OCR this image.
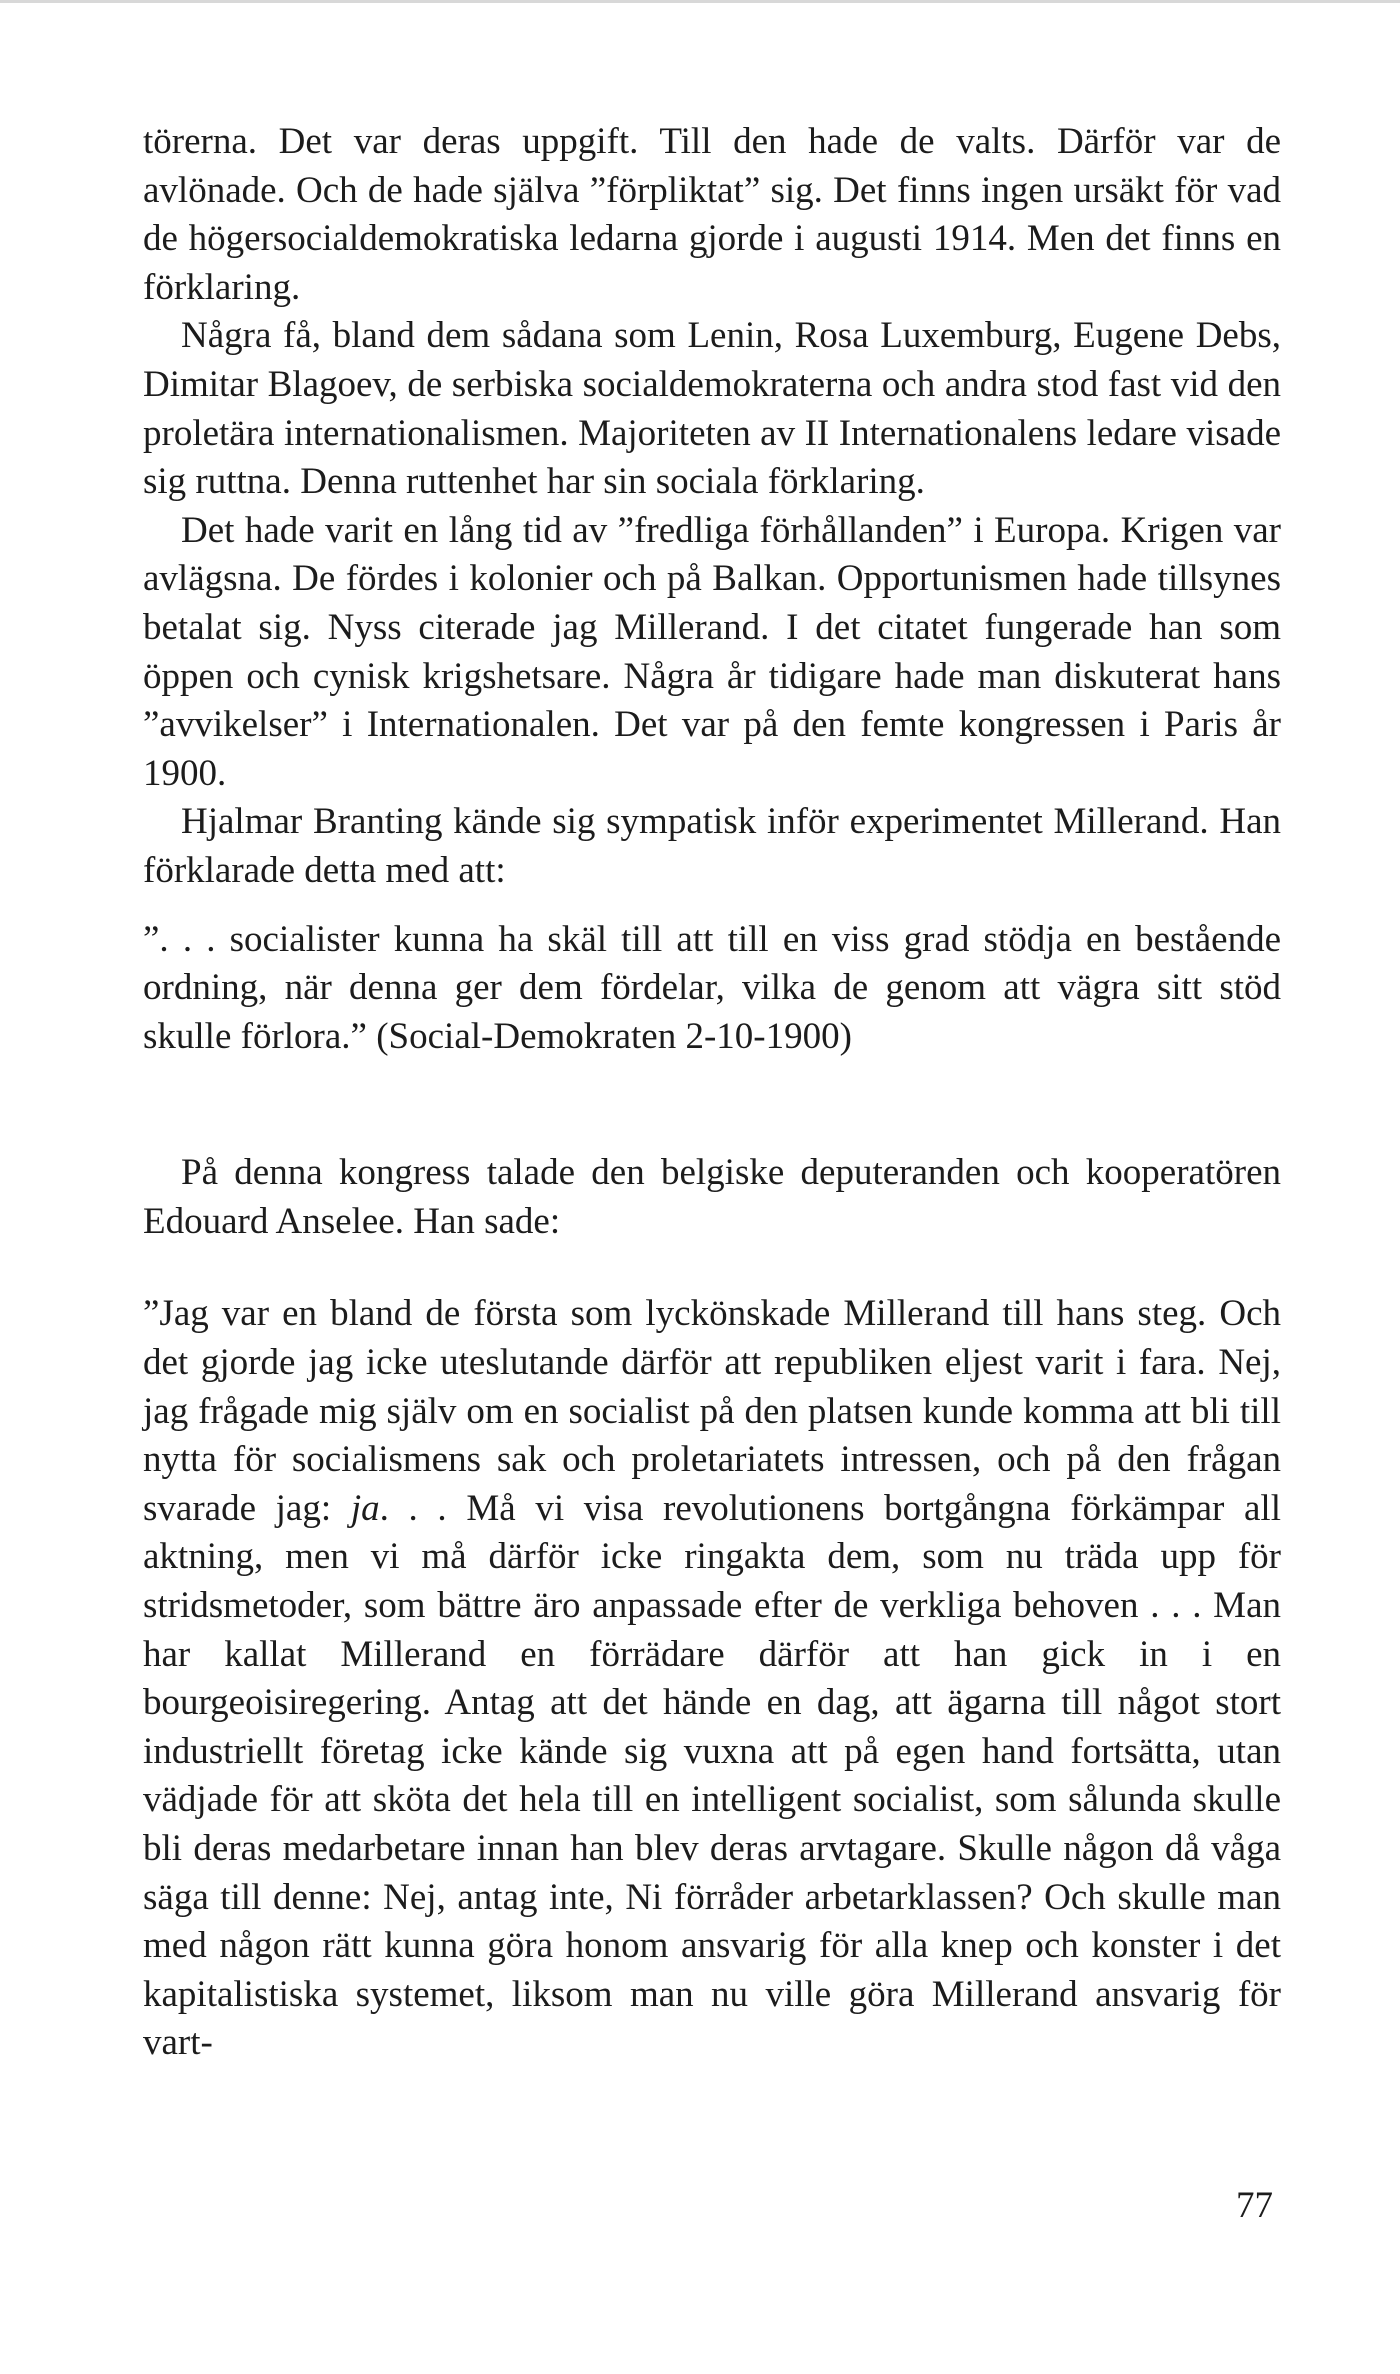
törerna. Det var deras uppgift. Till den hade de valts. Därför var de avlönade. Och de hade själva ”förpliktat” sig. Det finns ingen ursäkt för vad de högersocialdemokratiska ledarna gjorde i augusti 1914. Men det finns en förklaring.

Några få, bland dem sådana som Lenin, Rosa Luxemburg, Eugene Debs, Dimitar Blagoev, de serbiska socialdemokraterna och andra stod fast vid den proletära internationalismen. Majoriteten av II Internationalens ledare visade sig ruttna. Denna ruttenhet har sin sociala förklaring.

Det hade varit en lång tid av ”fredliga förhållanden” i Europa. Krigen var avlägsna. De fördes i kolonier och på Balkan. Opportunismen hade tillsynes betalat sig. Nyss citerade jag Millerand. I det citatet fungerade han som öppen och cynisk krigshetsare. Några år tidigare hade man diskuterat hans ”avvikelser” i Internationalen. Det var på den femte kongressen i Paris år 1900.

Hjalmar Branting kände sig sympatisk inför experimentet Millerand. Han förklarade detta med att:

”. . . socialister kunna ha skäl till att till en viss grad stödja en bestående ordning, när denna ger dem fördelar, vilka de genom att vägra sitt stöd skulle förlora.” (Social-Demokraten 2-10-1900)

På denna kongress talade den belgiske deputeranden och kooperatören Edouard Anselee. Han sade:

”Jag var en bland de första som lyckönskade Millerand till hans steg. Och det gjorde jag icke uteslutande därför att republiken eljest varit i fara. Nej, jag frågade mig själv om en socialist på den platsen kunde komma att bli till nytta för socialismens sak och proletariatets intressen, och på den frågan svarade jag: ja. . . Må vi visa revolutionens bortgångna förkämpar all aktning, men vi må därför icke ringakta dem, som nu träda upp för stridsmetoder, som bättre äro anpassade efter de verkliga behoven . . . Man har kallat Millerand en förrädare därför att han gick in i en bourgeoisiregering. Antag att det hände en dag, att ägarna till något stort industriellt företag icke kände sig vuxna att på egen hand fortsätta, utan vädjade för att sköta det hela till en intelligent socialist, som sålunda skulle bli deras medarbetare innan han blev deras arvtagare. Skulle någon då våga säga till denne: Nej, antag inte, Ni förråder arbetarklassen? Och skulle man med någon rätt kunna göra honom ansvarig för alla knep och konster i det kapitalistiska systemet, liksom man nu ville göra Millerand ansvarig för vart-

77
